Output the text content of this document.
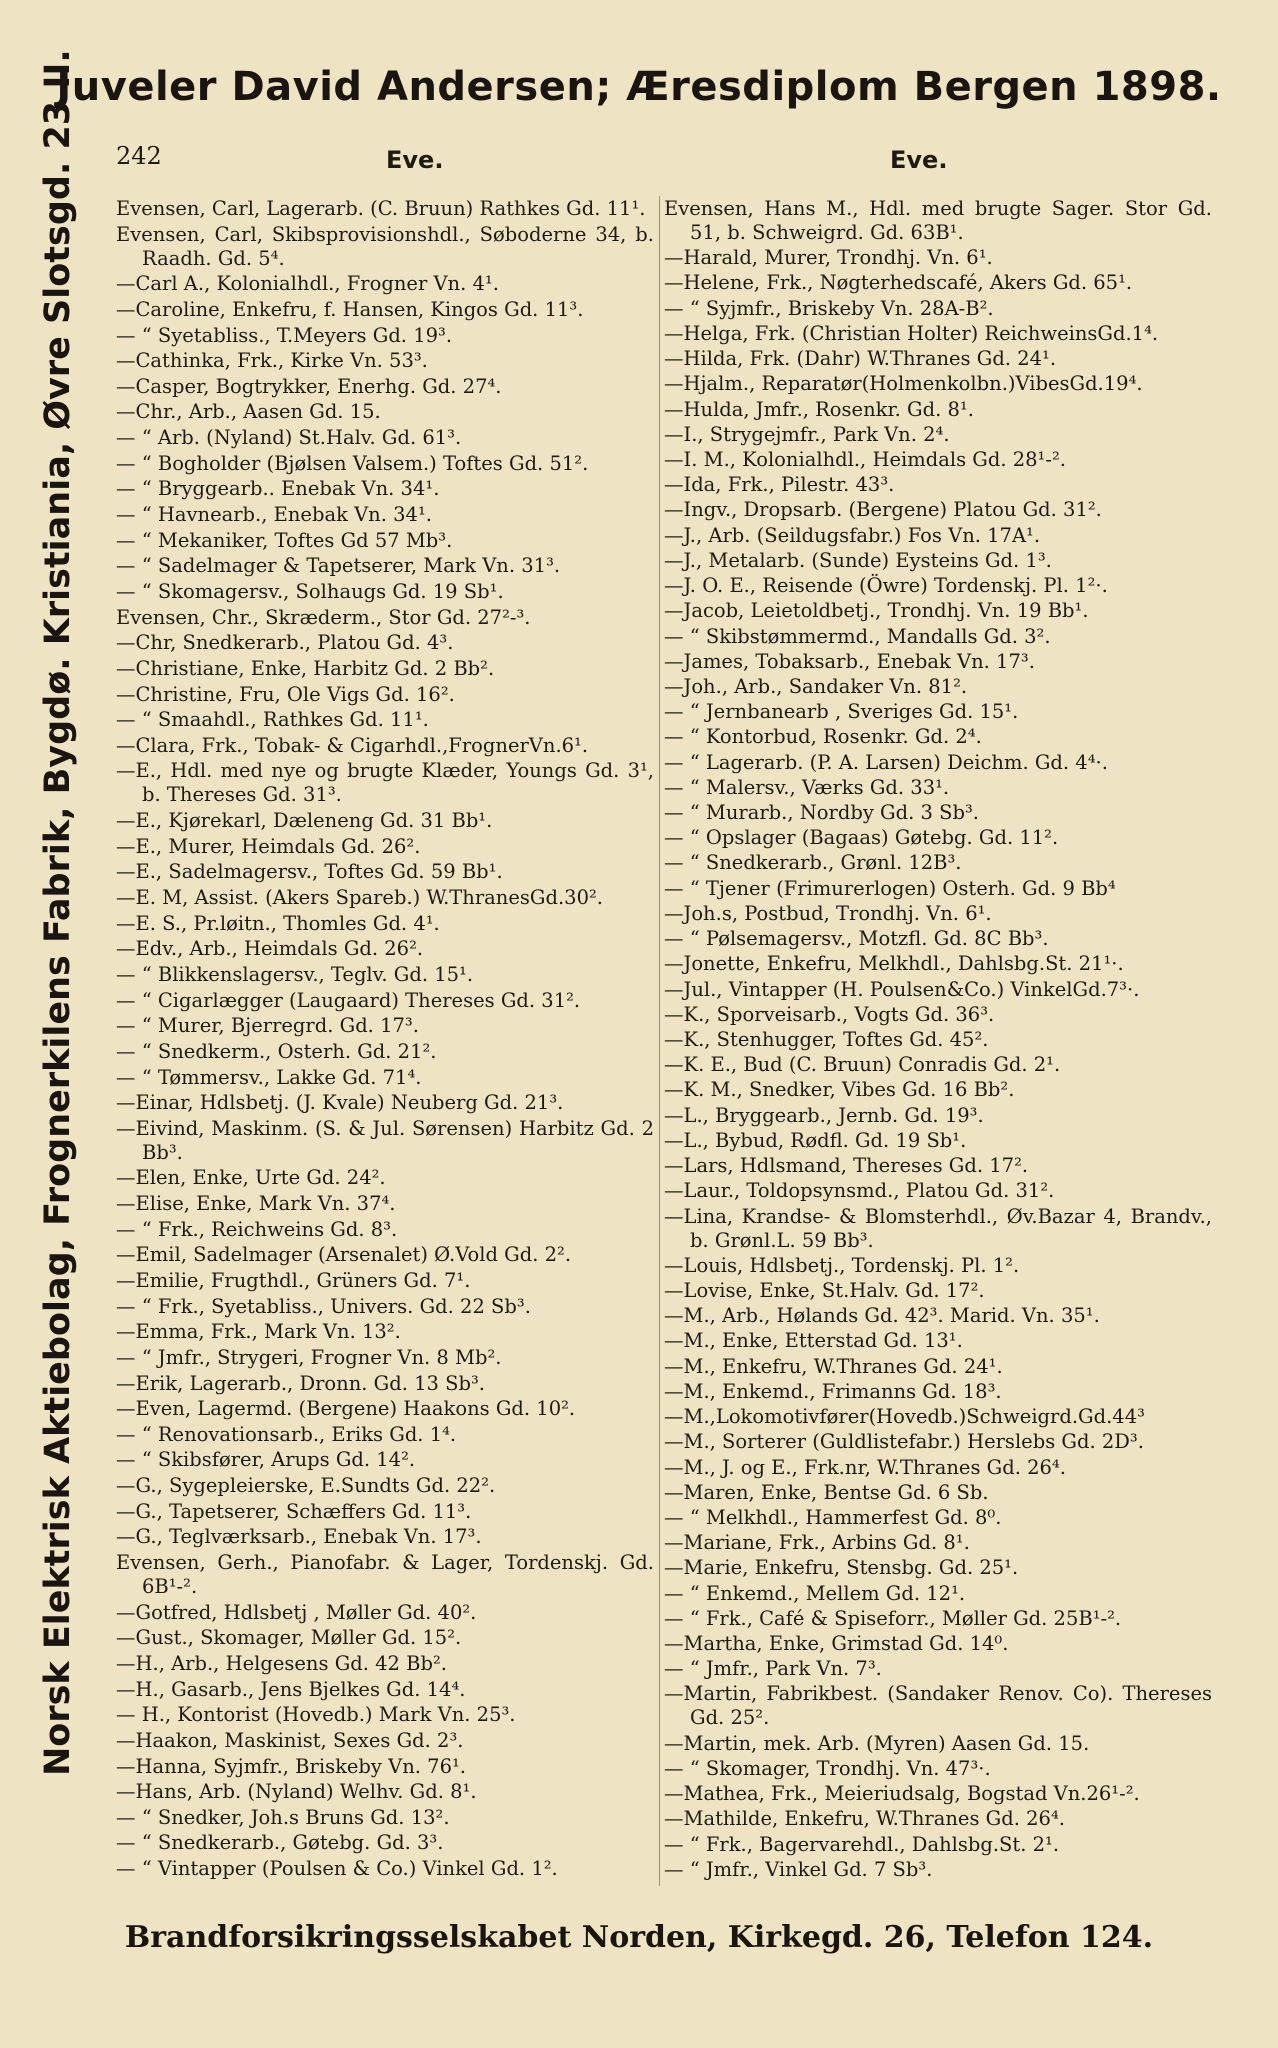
Juveler David Andersen; Æresdiplom Bergen 1898.
242	Eve.	Eve.
Norsk Elektrisk Aktiebolag, Frognerkilens Fabrik, Bygdø. Kristiania, Øvre Slotsgd. 23 II.	Evensen, Carl, Lagerarb. (C. Bruun) Rathkes Gd. 11¹.
Evensen, Carl, Skibsprovisionshdl., Søboderne 34, b. Raadh. Gd. 5⁴.
—Carl A., Kolonialhdl., Frogner Vn. 4¹.
—Caroline, Enkefru, f. Hansen, Kingos Gd. 11³.
— “ Syetabliss., T.Meyers Gd. 19³.
—Cathinka, Frk., Kirke Vn. 53³.
—Casper, Bogtrykker, Enerhg. Gd. 27⁴.
—Chr., Arb., Aasen Gd. 15.
— “ Arb. (Nyland) St.Halv. Gd. 61³.
— “ Bogholder (Bjølsen Valsem.) Toftes Gd. 51².
— “ Bryggearb.. Enebak Vn. 34¹.
— “ Havnearb., Enebak Vn. 34¹.
— “ Mekaniker, Toftes Gd 57 Mb³.
— “ Sadelmager & Tapetserer, Mark Vn. 31³.
— “ Skomagersv., Solhaugs Gd. 19 Sb¹.
Evensen, Chr., Skræderm., Stor Gd. 27²-³.
—Chr, Snedkerarb., Platou Gd. 4³.
—Christiane, Enke, Harbitz Gd. 2 Bb².
—Christine, Fru, Ole Vigs Gd. 16².
— “ Smaahdl., Rathkes Gd. 11¹.
—Clara, Frk., Tobak- & Cigarhdl.,FrognerVn.6¹.
—E., Hdl. med nye og brugte Klæder, Youngs Gd. 3¹, b. Thereses Gd. 31³.
—E., Kjørekarl, Dæleneng Gd. 31 Bb¹.
—E., Murer, Heimdals Gd. 26².
—E., Sadelmagersv., Toftes Gd. 59 Bb¹.
—E. M, Assist. (Akers Spareb.) W.ThranesGd.30².
—E. S., Pr.løitn., Thomles Gd. 4¹.
—Edv., Arb., Heimdals Gd. 26².
— “ Blikkenslagersv., Teglv. Gd. 15¹.
— “ Cigarlægger (Laugaard) Thereses Gd. 31².
— “ Murer, Bjerregrd. Gd. 17³.
— “ Snedkerm., Osterh. Gd. 21².
— “ Tømmersv., Lakke Gd. 71⁴.
—Einar, Hdlsbetj. (J. Kvale) Neuberg Gd. 21³.
—Eivind, Maskinm. (S. & Jul. Sørensen) Harbitz Gd. 2 Bb³.
—Elen, Enke, Urte Gd. 24².
—Elise, Enke, Mark Vn. 37⁴.
— “ Frk., Reichweins Gd. 8³.
—Emil, Sadelmager (Arsenalet) Ø.Vold Gd. 2².
—Emilie, Frugthdl., Grüners Gd. 7¹.
— “ Frk., Syetabliss., Univers. Gd. 22 Sb³.
—Emma, Frk., Mark Vn. 13².
— “ Jmfr., Strygeri, Frogner Vn. 8 Mb².
—Erik, Lagerarb., Dronn. Gd. 13 Sb³.
—Even, Lagermd. (Bergene) Haakons Gd. 10².
— “ Renovationsarb., Eriks Gd. 1⁴.
— “ Skibsfører, Arups Gd. 14².
—G., Sygepleierske, E.Sundts Gd. 22².
—G., Tapetserer, Schæffers Gd. 11³.
—G., Teglværksarb., Enebak Vn. 17³.
Evensen, Gerh., Pianofabr. & Lager, Tordenskj. Gd. 6B¹-².
—Gotfred, Hdlsbetj , Møller Gd. 40².
—Gust., Skomager, Møller Gd. 15².
—H., Arb., Helgesens Gd. 42 Bb².
—H., Gasarb., Jens Bjelkes Gd. 14⁴.
— H., Kontorist (Hovedb.) Mark Vn. 25³.
—Haakon, Maskinist, Sexes Gd. 2³.
—Hanna, Syjmfr., Briskeby Vn. 76¹.
—Hans, Arb. (Nyland) Welhv. Gd. 8¹.
— “ Snedker, Joh.s Bruns Gd. 13².
— “ Snedkerarb., Gøtebg. Gd. 3³.
— “ Vintapper (Poulsen & Co.) Vinkel Gd. 1².
Evensen, Hans M., Hdl. med brugte Sager. Stor Gd. 51, b. Schweigrd. Gd. 63B¹.
—Harald, Murer, Trondhj. Vn. 6¹.
—Helene, Frk., Nøgterhedscafé, Akers Gd. 65¹.
— “ Syjmfr., Briskeby Vn. 28A-B².
—Helga, Frk. (Christian Holter) ReichweinsGd.1⁴.
—Hilda, Frk. (Dahr) W.Thranes Gd. 24¹.
—Hjalm., Reparatør(Holmenkolbn.)VibesGd.19⁴.
—Hulda, Jmfr., Rosenkr. Gd. 8¹.
—I., Strygejmfr., Park Vn. 2⁴.
—I. M., Kolonialhdl., Heimdals Gd. 28¹-².
—Ida, Frk., Pilestr. 43³.
—Ingv., Dropsarb. (Bergene) Platou Gd. 31².
—J., Arb. (Seildugsfabr.) Fos Vn. 17A¹.
—J., Metalarb. (Sunde) Eysteins Gd. 1³.
—J. O. E., Reisende (Öwre) Tordenskj. Pl. 1²·.
—Jacob, Leietoldbetj., Trondhj. Vn. 19 Bb¹.
— “ Skibstømmermd., Mandalls Gd. 3².
—James, Tobaksarb., Enebak Vn. 17³.
—Joh., Arb., Sandaker Vn. 81².
— “ Jernbanearb , Sveriges Gd. 15¹.
— “ Kontorbud, Rosenkr. Gd. 2⁴.
— “ Lagerarb. (P. A. Larsen) Deichm. Gd. 4⁴·.
— “ Malersv., Værks Gd. 33¹.
— “ Murarb., Nordby Gd. 3 Sb³.
— “ Opslager (Bagaas) Gøtebg. Gd. 11².
— “ Snedkerarb., Grønl. 12B³.
— “ Tjener (Frimurerlogen) Osterh. Gd. 9 Bb⁴
—Joh.s, Postbud, Trondhj. Vn. 6¹.
— “ Pølsemagersv., Motzfl. Gd. 8C Bb³.
—Jonette, Enkefru, Melkhdl., Dahlsbg.St. 21¹·.
—Jul., Vintapper (H. Poulsen&Co.) VinkelGd.7³·.
—K., Sporveisarb., Vogts Gd. 36³.
—K., Stenhugger, Toftes Gd. 45².
—K. E., Bud (C. Bruun) Conradis Gd. 2¹.
—K. M., Snedker, Vibes Gd. 16 Bb².
—L., Bryggearb., Jernb. Gd. 19³.
—L., Bybud, Rødfl. Gd. 19 Sb¹.
—Lars, Hdlsmand, Thereses Gd. 17².
—Laur., Toldopsynsmd., Platou Gd. 31².
—Lina, Krandse- & Blomsterhdl., Øv.Bazar 4, Brandv., b. Grønl.L. 59 Bb³.
—Louis, Hdlsbetj., Tordenskj. Pl. 1².
—Lovise, Enke, St.Halv. Gd. 17².
—M., Arb., Hølands Gd. 42³. Marid. Vn. 35¹.
—M., Enke, Etterstad Gd. 13¹.
—M., Enkefru, W.Thranes Gd. 24¹.
—M., Enkemd., Frimanns Gd. 18³.
—M.,Lokomotivfører(Hovedb.)Schweigrd.Gd.44³
—M., Sorterer (Guldlistefabr.) Herslebs Gd. 2D³.
—M., J. og E., Frk.nr, W.Thranes Gd. 26⁴.
—Maren, Enke, Bentse Gd. 6 Sb.
— “ Melkhdl., Hammerfest Gd. 8⁰.
—Mariane, Frk., Arbins Gd. 8¹.
—Marie, Enkefru, Stensbg. Gd. 25¹.
— “ Enkemd., Mellem Gd. 12¹.
— “ Frk., Café & Spiseforr., Møller Gd. 25B¹-².
—Martha, Enke, Grimstad Gd. 14⁰.
— “ Jmfr., Park Vn. 7³.
—Martin, Fabrikbest. (Sandaker Renov. Co). Thereses Gd. 25².
—Martin, mek. Arb. (Myren) Aasen Gd. 15.
— “ Skomager, Trondhj. Vn. 47³·.
—Mathea, Frk., Meieriudsalg, Bogstad Vn.26¹-².
—Mathilde, Enkefru, W.Thranes Gd. 26⁴.
— “ Frk., Bagervarehdl., Dahlsbg.St. 2¹.
— “ Jmfr., Vinkel Gd. 7 Sb³.
Brandforsikringsselskabet Norden, Kirkegd. 26, Telefon 124.
